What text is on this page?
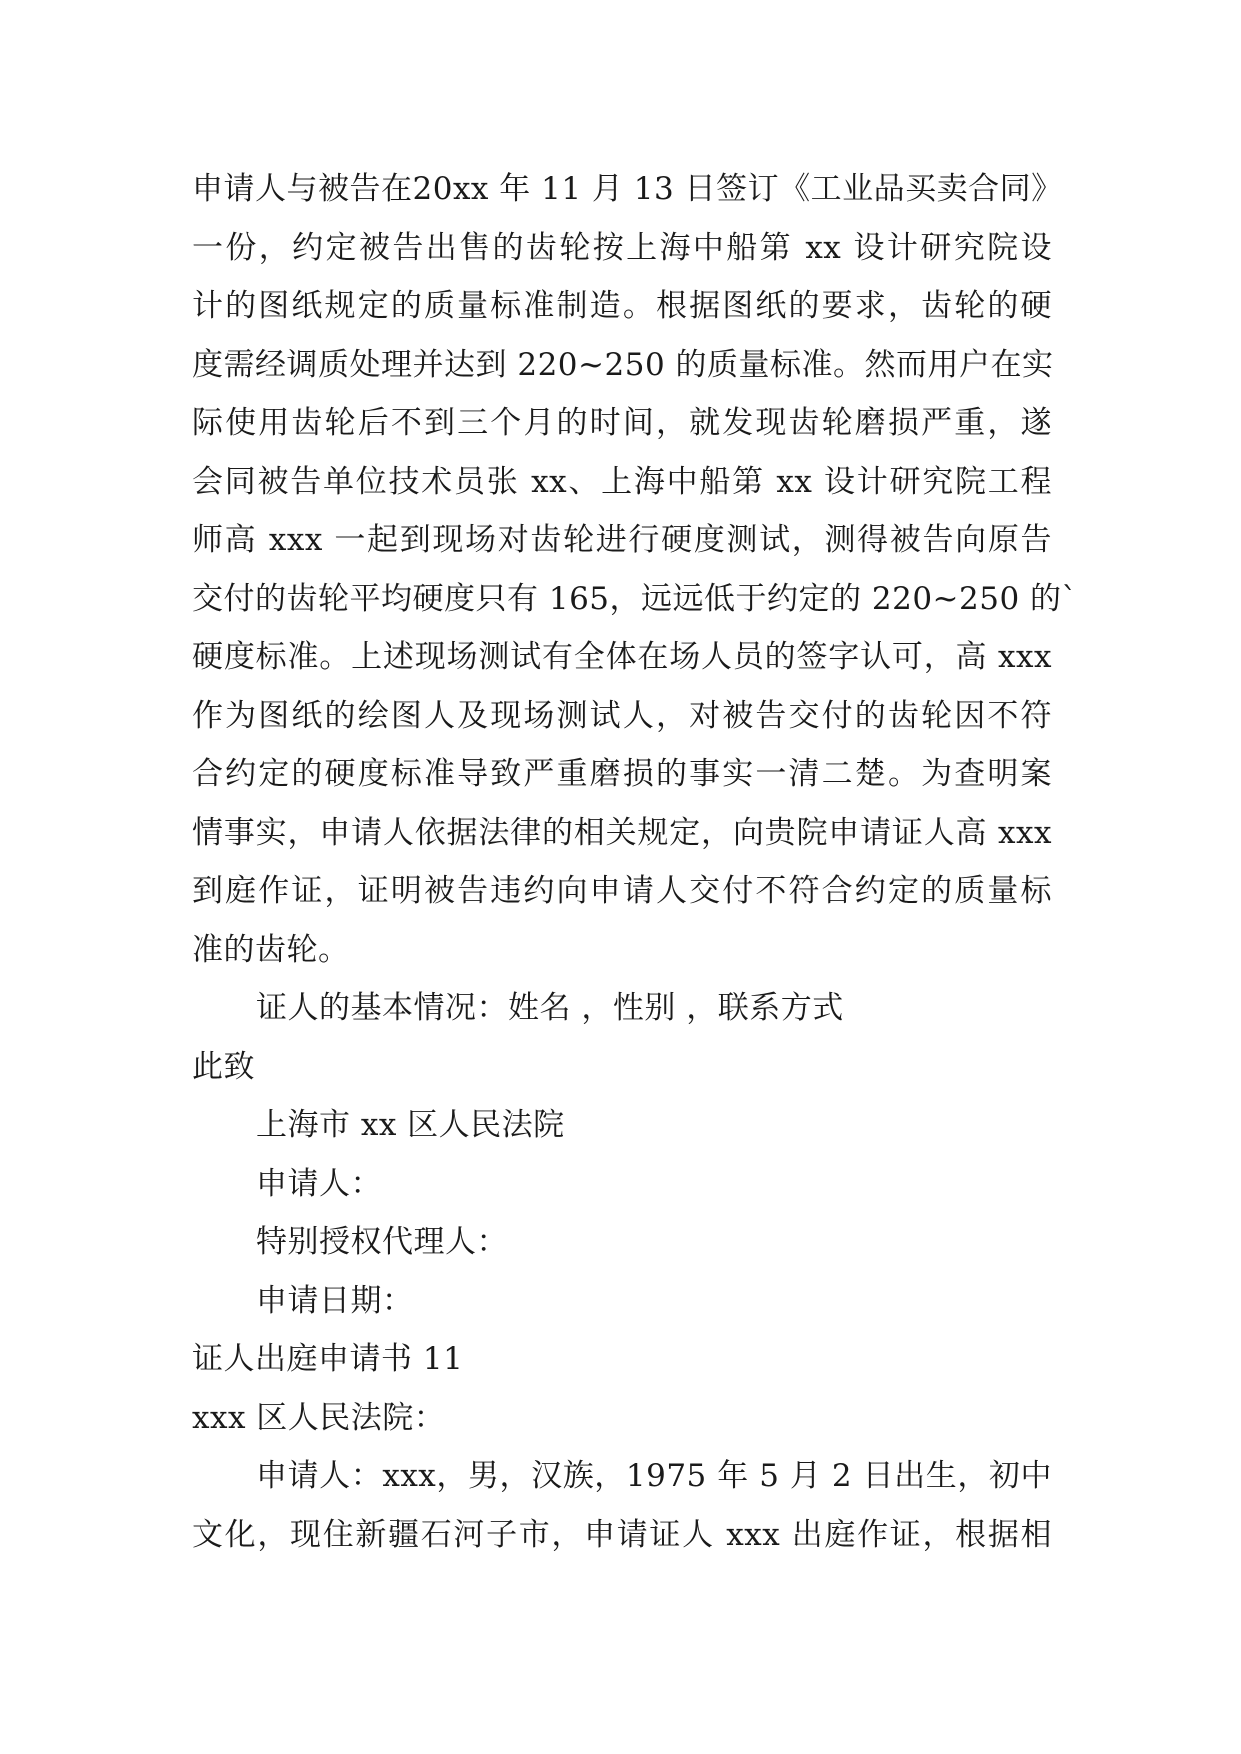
申请人与被告在20xx 年 11 月 13 日签订《工业品买卖合同》
一份，约定被告出售的齿轮按上海中船第 xx 设计研究院设
计的图纸规定的质量标准制造。根据图纸的要求，齿轮的硬
度需经调质处理并达到 220~250 的质量标准。然而用户在实
际使用齿轮后不到三个月的时间，就发现齿轮磨损严重，遂
会同被告单位技术员张 xx、上海中船第 xx 设计研究院工程
师高 xxx 一起到现场对齿轮进行硬度测试，测得被告向原告
交付的齿轮平均硬度只有 165，远远低于约定的 220~250 的`
硬度标准。上述现场测试有全体在场人员的签字认可，高 xxx
作为图纸的绘图人及现场测试人，对被告交付的齿轮因不符
合约定的硬度标准导致严重磨损的事实一清二楚。为查明案
情事实，申请人依据法律的相关规定，向贵院申请证人高 xxx
到庭作证，证明被告违约向申请人交付不符合约定的质量标
准的齿轮。
证人的基本情况：姓名 ，性别 ，联系方式
此致
上海市 xx 区人民法院
申请人：
特别授权代理人：
申请日期：
证人出庭申请书 11
xxx 区人民法院：
申请人：xxx，男，汉族，1975 年 5 月 2 日出生，初中
文化，现住新疆石河子市，申请证人 xxx 出庭作证，根据相
